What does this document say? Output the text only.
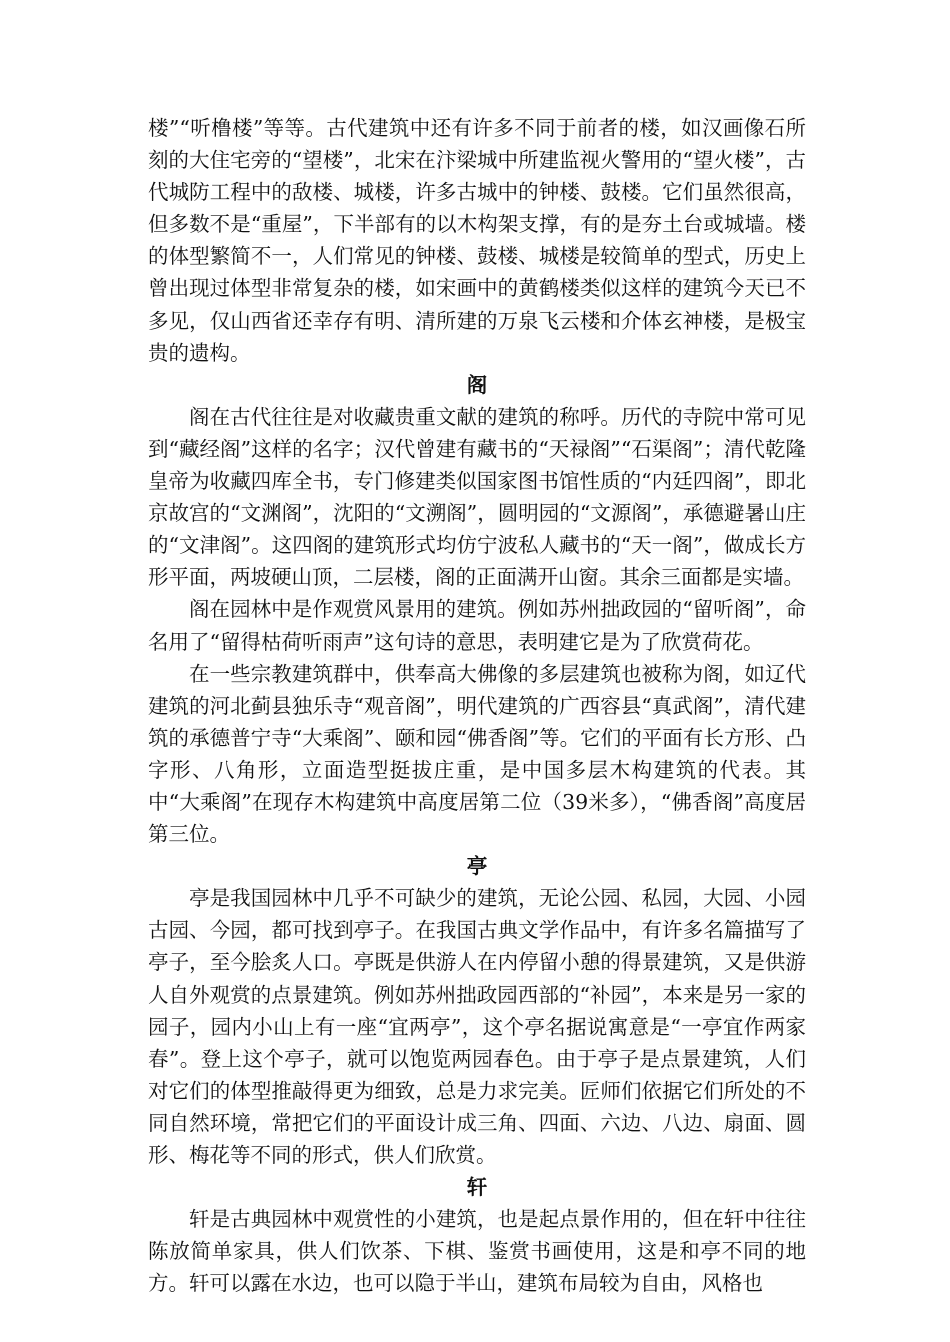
楼”“听橹楼”等等。古代建筑中还有许多不同于前者的楼，如汉画像石所刻的大住宅旁的“望楼”，北宋在汴梁城中所建监视火警用的“望火楼”，古代城防工程中的敌楼、城楼，许多古城中的钟楼、鼓楼。它们虽然很高，但多数不是“重屋”，下半部有的以木构架支撑，有的是夯土台或城墙。楼的体型繁简不一，人们常见的钟楼、鼓楼、城楼是较简单的型式，历史上曾出现过体型非常复杂的楼，如宋画中的黄鹤楼类似这样的建筑今天已不多见，仅山西省还幸存有明、清所建的万泉飞云楼和介体玄神楼，是极宝贵的遗构。

阁

阁在古代往往是对收藏贵重文献的建筑的称呼。历代的寺院中常可见到“藏经阁”这样的名字；汉代曾建有藏书的“天禄阁”“石渠阁”；清代乾隆皇帝为收藏四库全书，专门修建类似国家图书馆性质的“内廷四阁”，即北京故宫的“文渊阁”，沈阳的“文溯阁”，圆明园的“文源阁”，承德避暑山庄的“文津阁”。这四阁的建筑形式均仿宁波私人藏书的“天一阁”，做成长方形平面，两坡硬山顶，二层楼，阁的正面满开山窗。其余三面都是实墙。

阁在园林中是作观赏风景用的建筑。例如苏州拙政园的“留听阁”，命名用了“留得枯荷听雨声”这句诗的意思，表明建它是为了欣赏荷花。

在一些宗教建筑群中，供奉高大佛像的多层建筑也被称为阁，如辽代建筑的河北蓟县独乐寺“观音阁”，明代建筑的广西容县“真武阁”，清代建筑的承德普宁寺“大乘阁”、颐和园“佛香阁”等。它们的平面有长方形、凸字形、八角形，立面造型挺拔庄重，是中国多层木构建筑的代表。其中“大乘阁”在现存木构建筑中高度居第二位（39米多），“佛香阁”高度居第三位。

亭

亭是我国园林中几乎不可缺少的建筑，无论公园、私园，大园、小园古园、今园，都可找到亭子。在我国古典文学作品中，有许多名篇描写了亭子，至今脍炙人口。亭既是供游人在内停留小憩的得景建筑，又是供游人自外观赏的点景建筑。例如苏州拙政园西部的“补园”，本来是另一家的园子，园内小山上有一座“宜两亭”，这个亭名据说寓意是“一亭宜作两家春”。登上这个亭子，就可以饱览两园春色。由于亭子是点景建筑，人们对它们的体型推敲得更为细致，总是力求完美。匠师们依据它们所处的不同自然环境，常把它们的平面设计成三角、四面、六边、八边、扇面、圆形、梅花等不同的形式，供人们欣赏。

轩

轩是古典园林中观赏性的小建筑，也是起点景作用的，但在轩中往往陈放简单家具，供人们饮茶、下棋、鉴赏书画使用，这是和亭不同的地方。轩可以露在水边，也可以隐于半山，建筑布局较为自由，风格也
